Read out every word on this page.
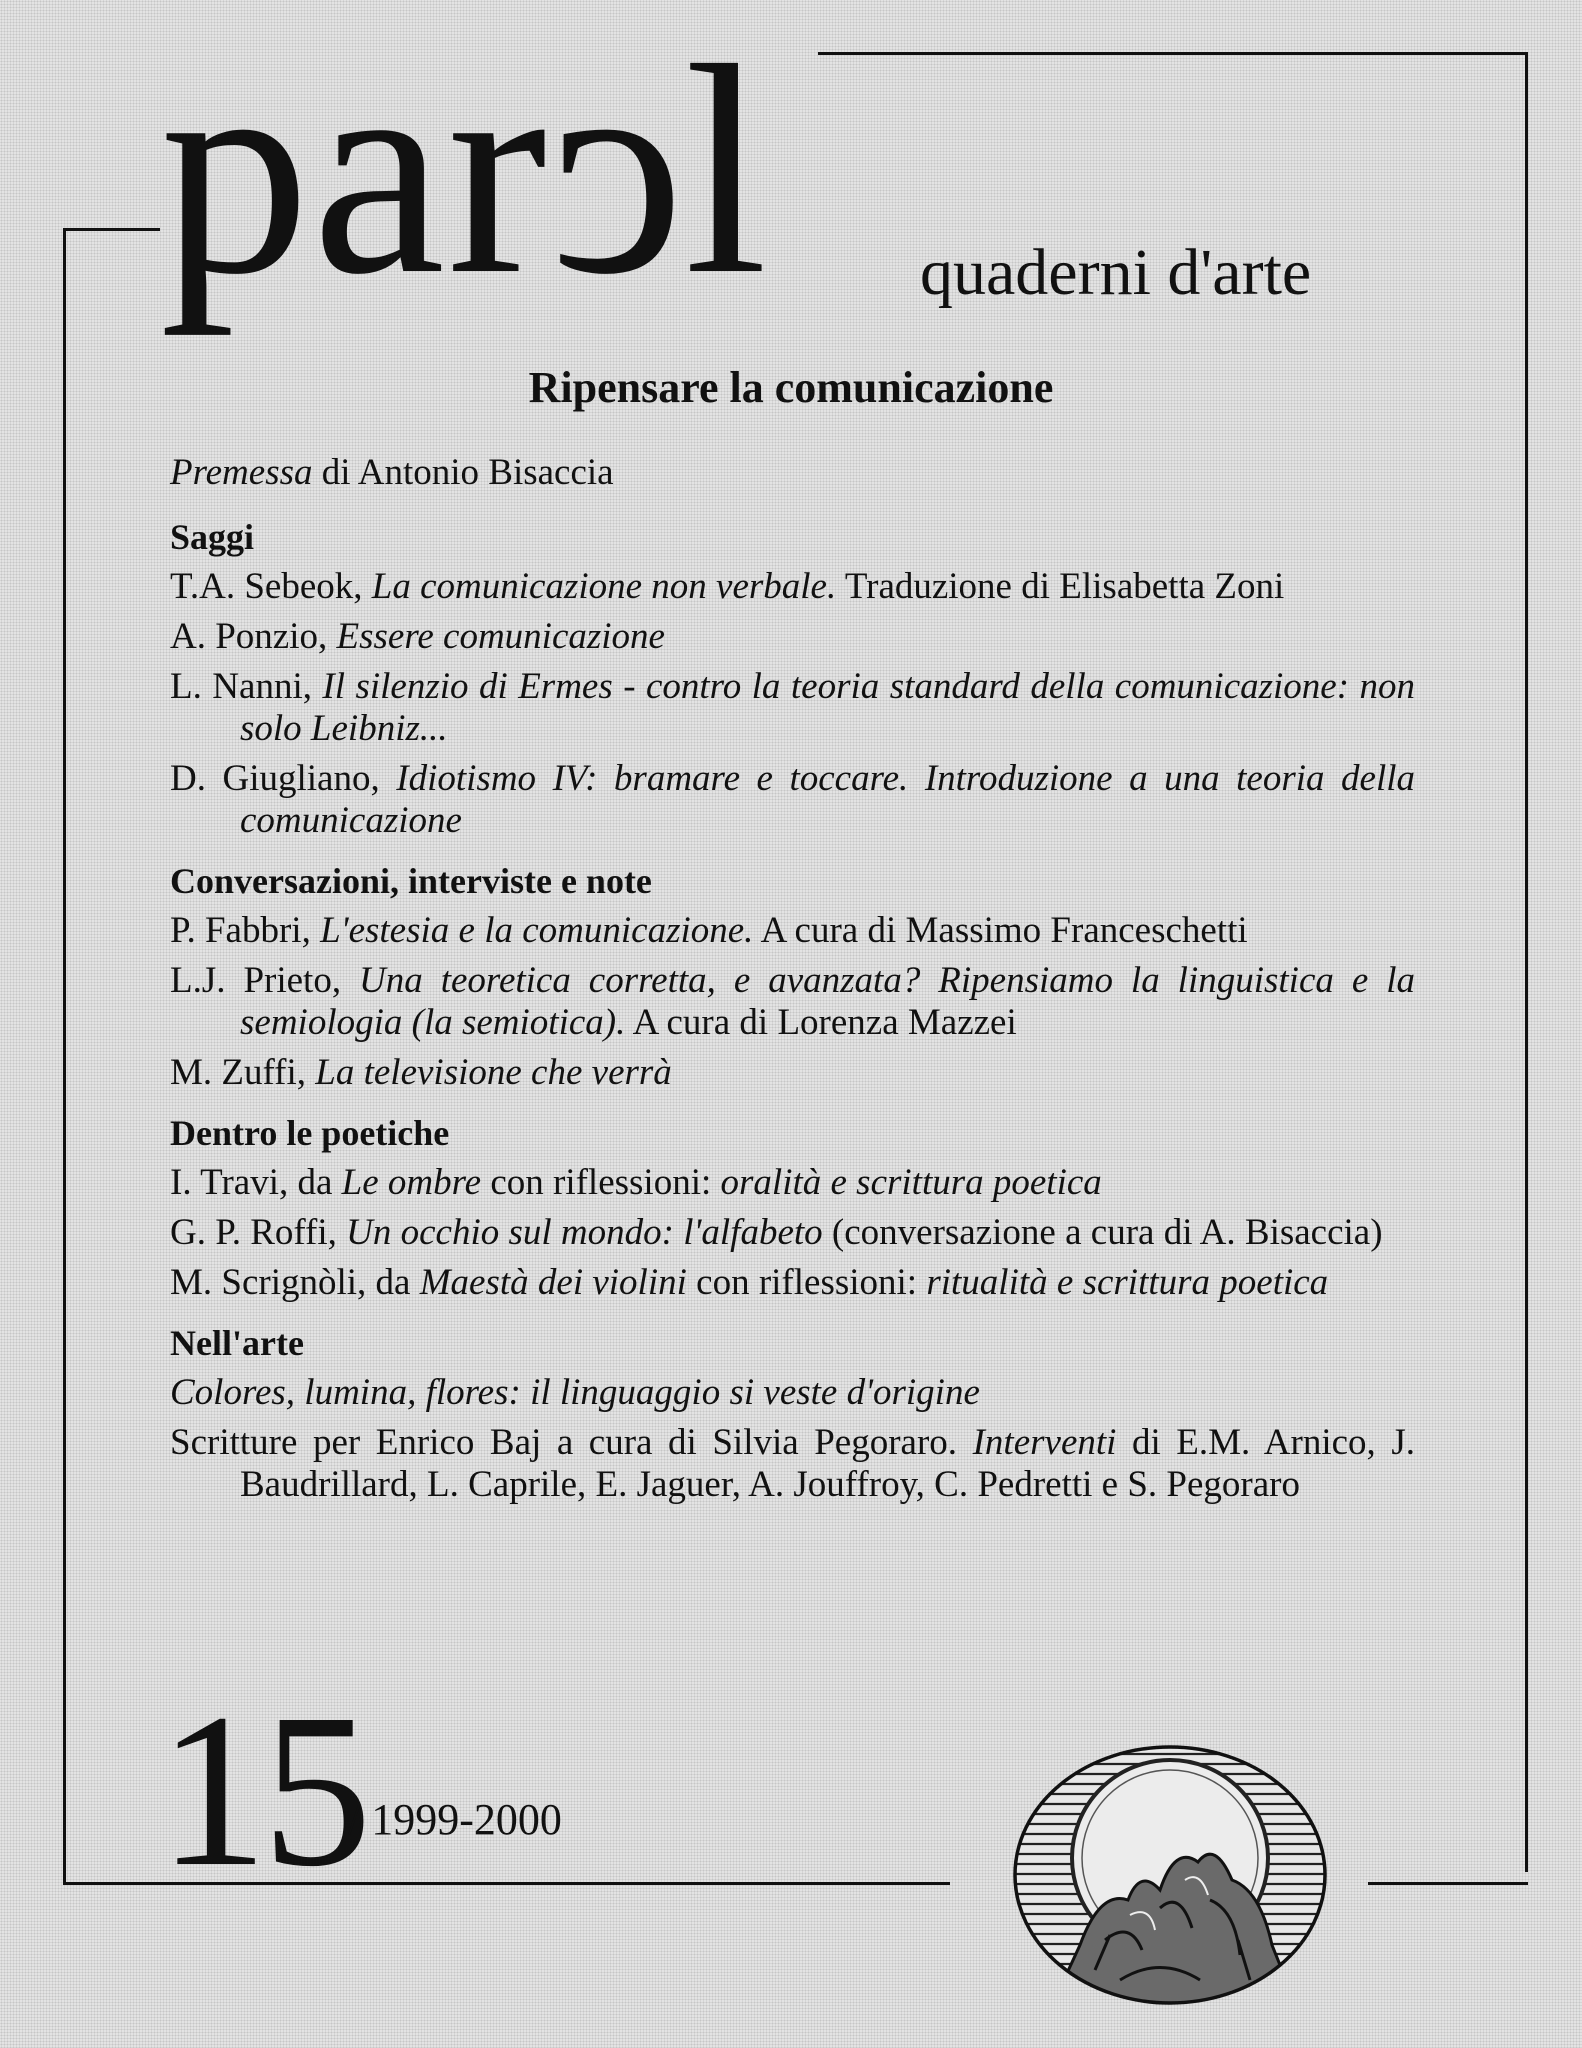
parcl quaderni d'arte
Ripensare la comunicazione

Premessa di Antonio Bisaccia

Saggi

T.A. Sebeok, La comunicazione non verbale. Traduzione di Elisabetta Zoni

A. Ponzio, Essere comunicazione

L. Nanni, Il silenzio di Ermes - contro la teoria standard della comunicazione: non solo Leibniz...

D. Giugliano, Idiotismo IV: bramare e toccare. Introduzione a una teoria della comunicazione

Conversazioni, interviste e note

P. Fabbri, L'estesia e la comunicazione. A cura di Massimo Franceschetti

L.J. Prieto, Una teoretica corretta, e avanzata? Ripensiamo la linguistica e la semiologia (la semiotica). A cura di Lorenza Mazzei

M. Zuffi, La televisione che verrà

Dentro le poetiche

I. Travi, da Le ombre con riflessioni: oralità e scrittura poetica

G. P. Roffi, Un occhio sul mondo: l'alfabeto (conversazione a cura di A. Bisaccia)

M. Scrignòli, da Maestà dei violini con riflessioni: ritualità e scrittura poetica

Nell'arte

Colores, lumina, flores: il linguaggio si veste d'origine

Scritture per Enrico Baj a cura di Silvia Pegoraro. Interventi di E.M. Arnico, J. Baudrillard, L. Caprile, E. Jaguer, A. Jouffroy, C. Pedretti e S. Pegoraro

15
/ 1999-2000
